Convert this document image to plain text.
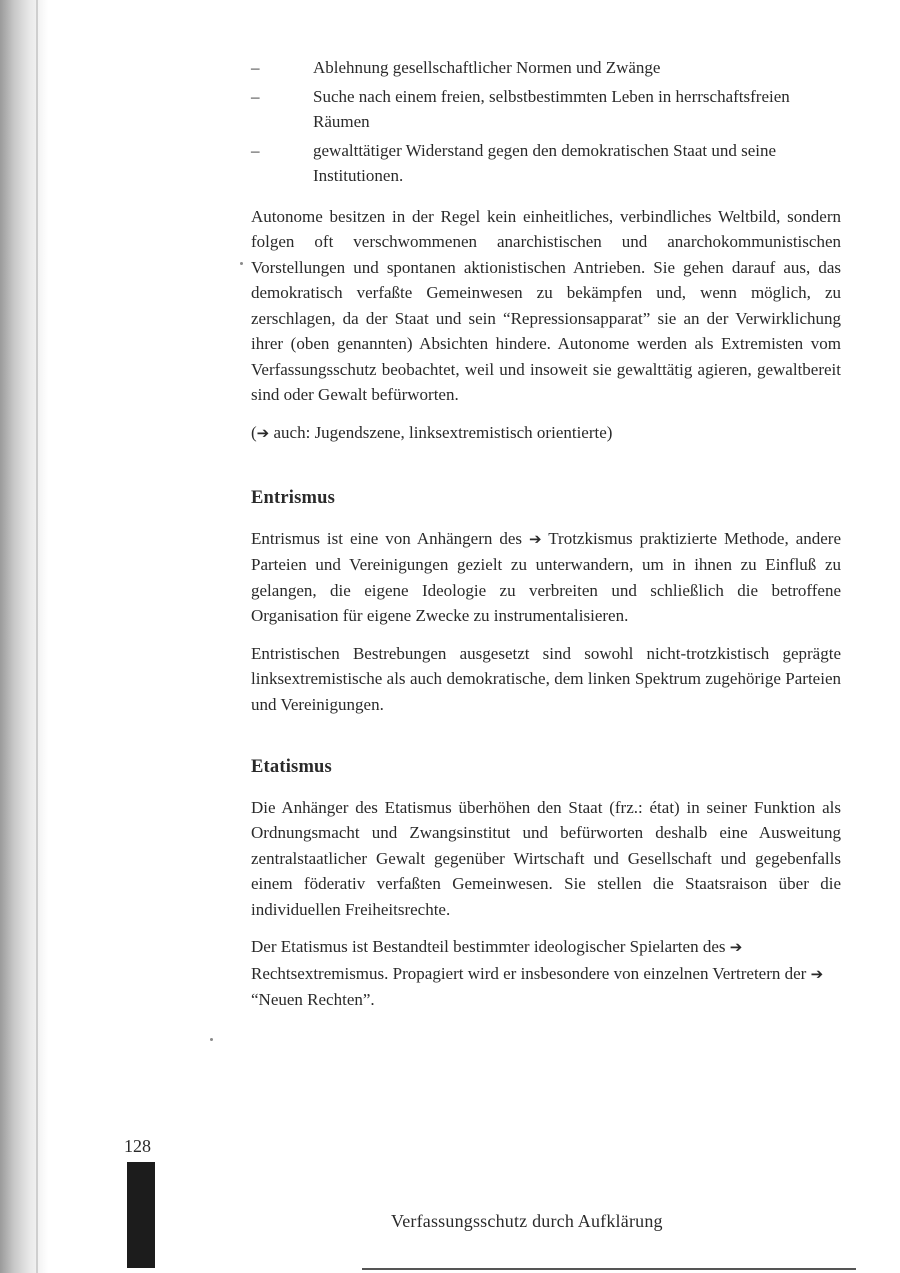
–	Ablehnung gesellschaftlicher Normen und Zwänge
–	Suche nach einem freien, selbstbestimmten Leben in herrschaftsfreien Räumen
–	gewalttätiger Widerstand gegen den demokratischen Staat und seine Institutionen.

Autonome besitzen in der Regel kein einheitliches, verbindliches Weltbild, sondern folgen oft verschwommenen anarchistischen und anarchokommunistischen Vorstellungen und spontanen aktionistischen Antrieben. Sie gehen darauf aus, das demokratisch verfaßte Gemeinwesen zu bekämpfen und, wenn möglich, zu zerschlagen, da der Staat und sein “Repressionsapparat” sie an der Verwirklichung ihrer (oben genannten) Absichten hindere. Autonome werden als Extremisten vom Verfassungsschutz beobachtet, weil und insoweit sie gewalttätig agieren, gewaltbereit sind oder Gewalt befürworten.

(➔ auch: Jugendszene, linksextremistisch orientierte)

Entrismus

Entrismus ist eine von Anhängern des ➔ Trotzkismus praktizierte Methode, andere Parteien und Vereinigungen gezielt zu unterwandern, um in ihnen zu Einfluß zu gelangen, die eigene Ideologie zu verbreiten und schließlich die betroffene Organisation für eigene Zwecke zu instrumentalisieren.

Entristischen Bestrebungen ausgesetzt sind sowohl nicht-trotzkistisch geprägte linksextremistische als auch demokratische, dem linken Spektrum zugehörige Parteien und Vereinigungen.

Etatismus

Die Anhänger des Etatismus überhöhen den Staat (frz.: état) in seiner Funktion als Ordnungsmacht und Zwangsinstitut und befürworten deshalb eine Ausweitung zentralstaatlicher Gewalt gegenüber Wirtschaft und Gesellschaft und gegebenfalls einem föderativ verfaßten Gemeinwesen. Sie stellen die Staatsraison über die individuellen Freiheitsrechte.

Der Etatismus ist Bestandteil bestimmter ideologischer Spielarten des ➔ Rechtsextremismus. Propagiert wird er insbesondere von einzelnen Vertretern der ➔ “Neuen Rechten”.

128
Verfassungsschutz durch Aufklärung
